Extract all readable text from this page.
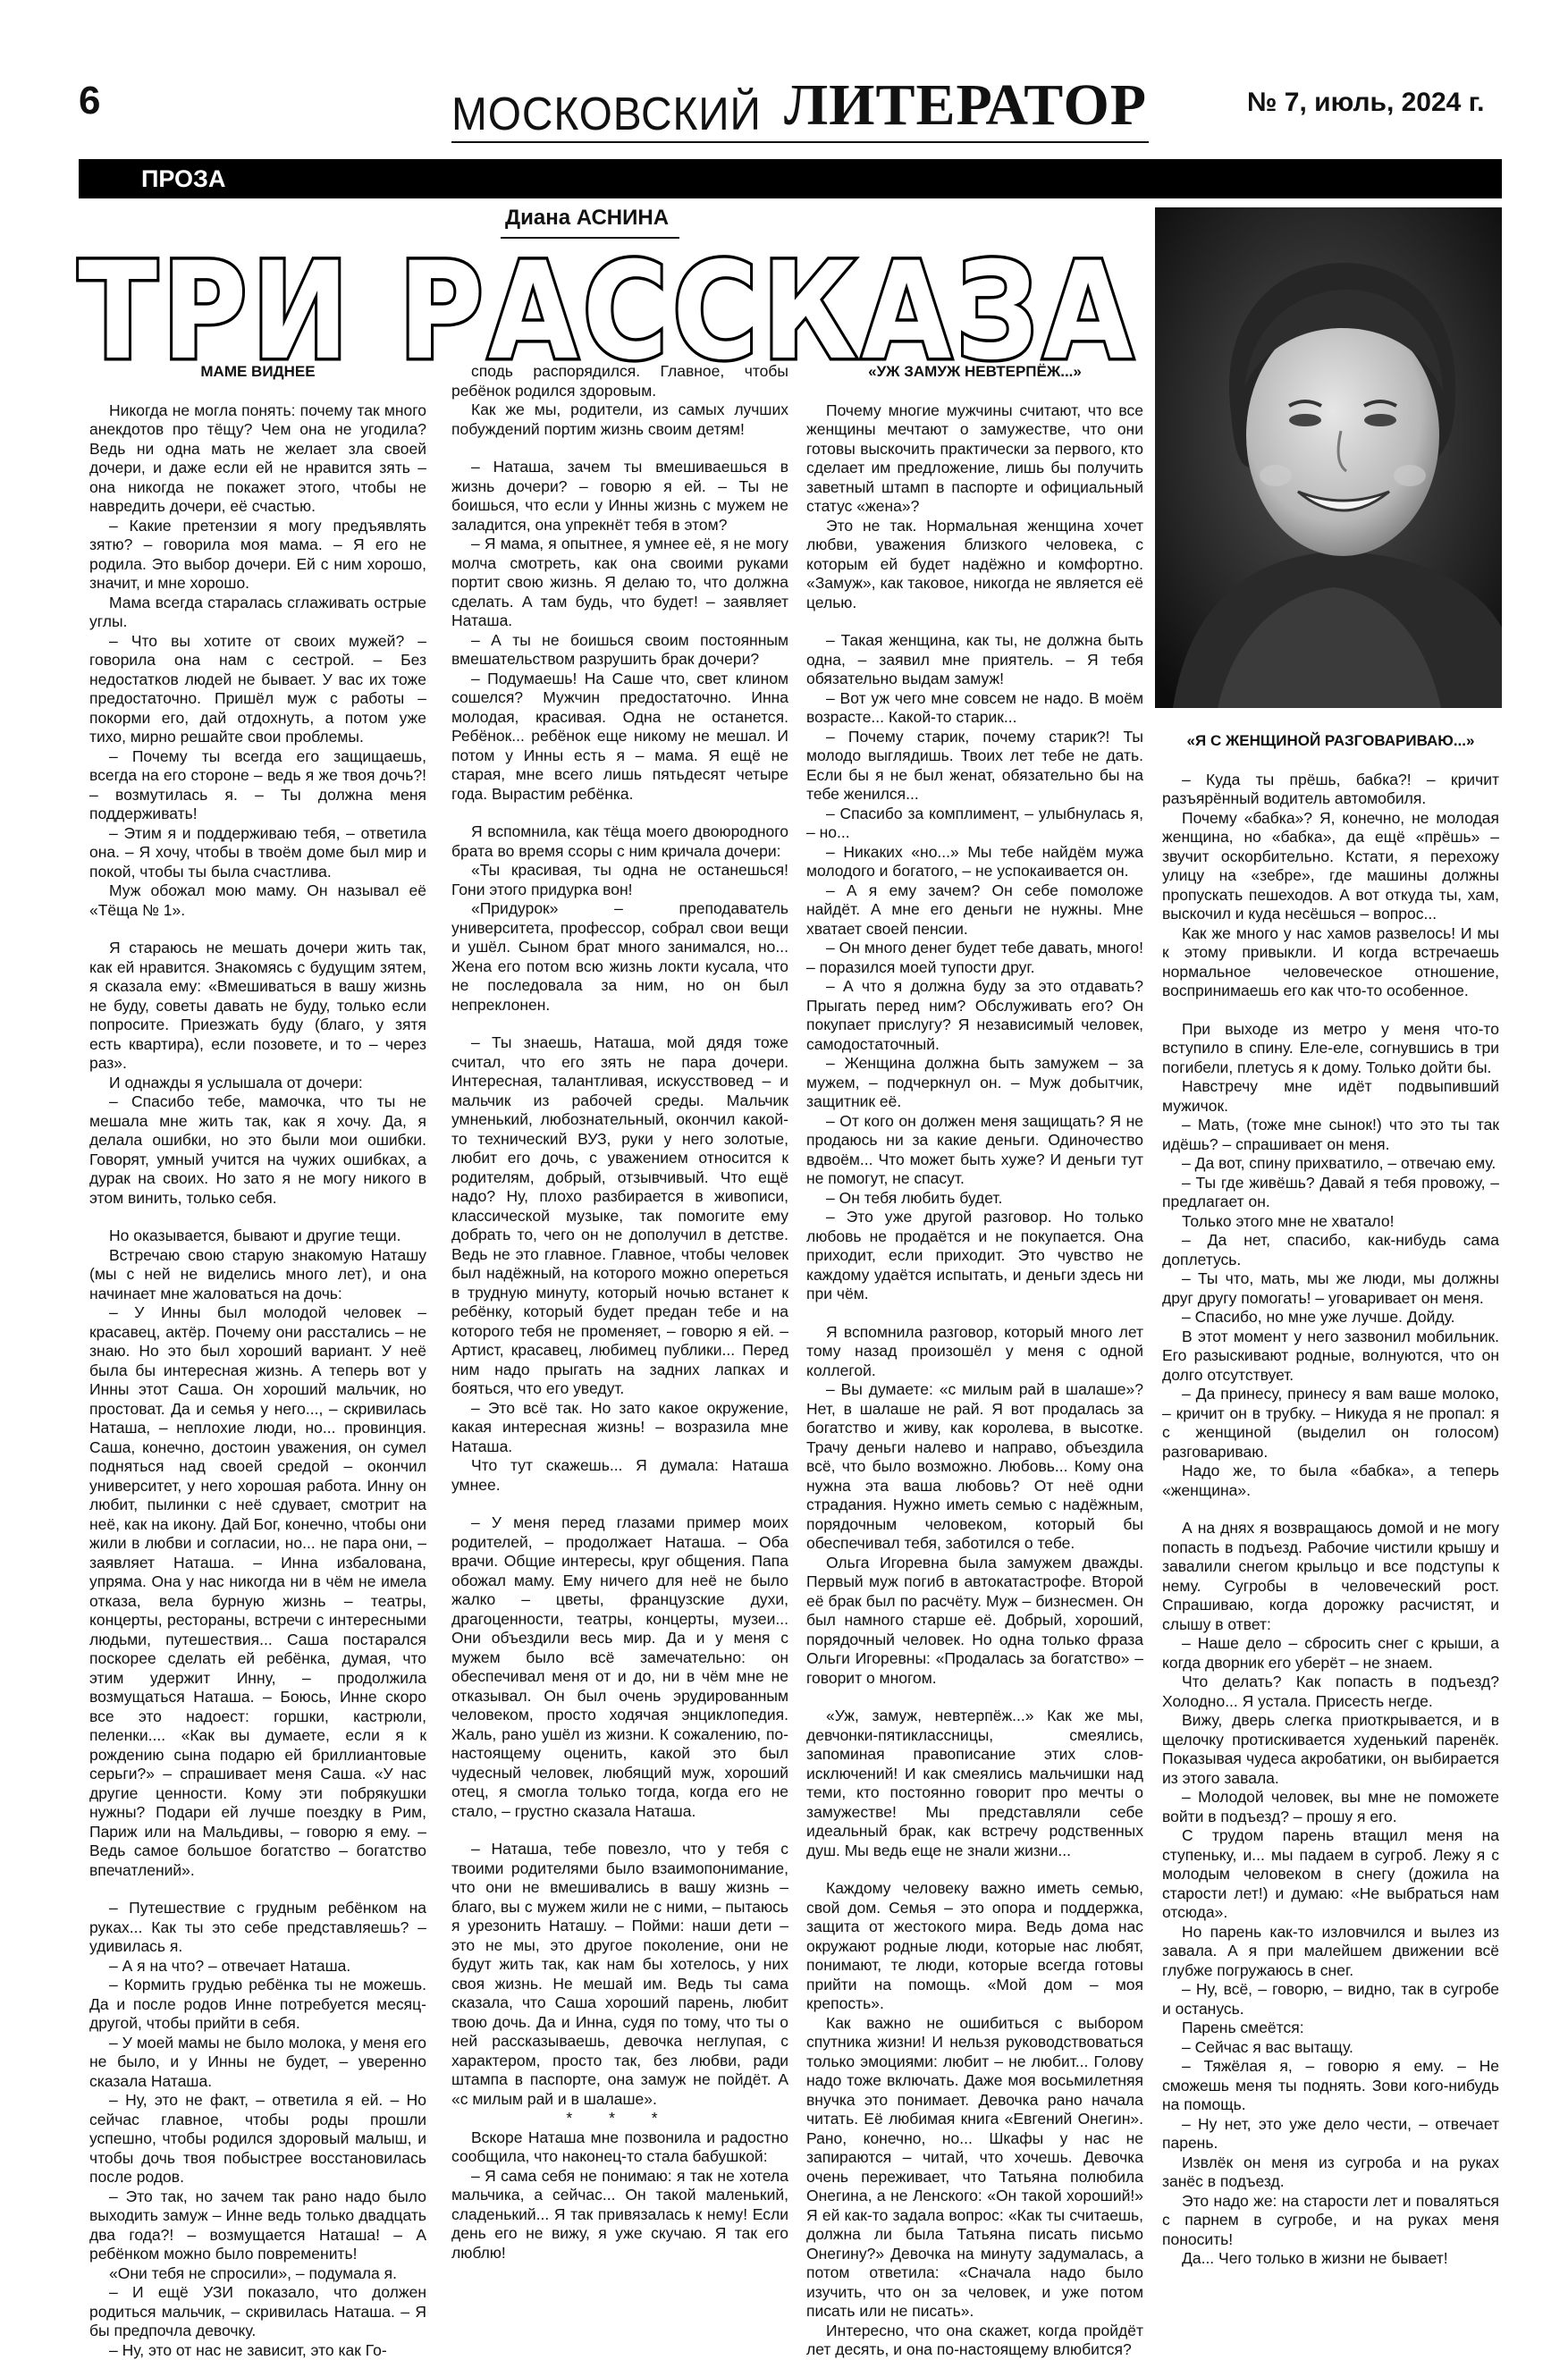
6	МОСКОВСКИЙ ЛИТЕРАТОР	№ 7, июль, 2024 г.
ПРОЗА
Диана АСНИНА
ТРИ РАССКАЗА

МАМЕ ВИДНЕЕ

Никогда не могла понять: почему так много анекдотов про тёщу? Чем она не угодила? Ведь ни одна мать не желает зла своей дочери, и даже если ей не нравится зять – она никогда не покажет этого, чтобы не навредить дочери, её счастью.

– Какие претензии я могу предъявлять зятю? – говорила моя мама. – Я его не родила. Это выбор дочери. Ей с ним хорошо, значит, и мне хорошо.

Мама всегда старалась сглаживать острые углы.

– Что вы хотите от своих мужей? – говорила она нам с сестрой. – Без недостатков людей не бывает. У вас их тоже предостаточно. Пришёл муж с работы – покорми его, дай отдохнуть, а потом уже тихо, мирно решайте свои проблемы.

– Почему ты всегда его защищаешь, всегда на его стороне – ведь я же твоя дочь?! – возмутилась я. – Ты должна меня поддерживать!

– Этим я и поддерживаю тебя, – ответила она. – Я хочу, чтобы в твоём доме был мир и покой, чтобы ты была счастлива.

Муж обожал мою маму. Он называл её «Тёща № 1».

Я стараюсь не мешать дочери жить так, как ей нравится. Знакомясь с будущим зятем, я сказала ему: «Вмешиваться в вашу жизнь не буду, советы давать не буду, только если попросите. Приезжать буду (благо, у зятя есть квартира), если позовете, и то – через раз».

И однажды я услышала от дочери:

– Спасибо тебе, мамочка, что ты не мешала мне жить так, как я хочу. Да, я делала ошибки, но это были мои ошибки. Говорят, умный учится на чужих ошибках, а дурак на своих. Но зато я не могу никого в этом винить, только себя.

Но оказывается, бывают и другие тещи.

Встречаю свою старую знакомую Наташу (мы с ней не виделись много лет), и она начинает мне жаловаться на дочь:

– У Инны был молодой человек – красавец, актёр. Почему они расстались – не знаю. Но это был хороший вариант. У неё была бы интересная жизнь. А теперь вот у Инны этот Саша. Он хороший мальчик, но простоват. Да и семья у него..., – скривилась Наташа, – неплохие люди, но... провинция. Саша, конечно, достоин уважения, он сумел подняться над своей средой – окончил университет, у него хорошая работа. Инну он любит, пылинки с неё сдувает, смотрит на неё, как на икону. Дай Бог, конечно, чтобы они жили в любви и согласии, но... не пара они, – заявляет Наташа. – Инна избалована, упряма. Она у нас никогда ни в чём не имела отказа, вела бурную жизнь – театры, концерты, рестораны, встречи с интересными людьми, путешествия... Саша постарался поскорее сделать ей ребёнка, думая, что этим удержит Инну, – продолжила возмущаться Наташа. – Боюсь, Инне скоро все это надоест: горшки, кастрюли, пеленки.... «Как вы думаете, если я к рождению сына подарю ей бриллиантовые серьги?» – спрашивает меня Саша. «У нас другие ценности. Кому эти побрякушки нужны? Подари ей лучше поездку в Рим, Париж или на Мальдивы, – говорю я ему. – Ведь самое большое богатство – богатство впечатлений».

– Путешествие с грудным ребёнком на руках... Как ты это себе представляешь? – удивилась я.

– А я на что? – отвечает Наташа.

– Кормить грудью ребёнка ты не можешь. Да и после родов Инне потребуется месяц-другой, чтобы прийти в себя.

– У моей мамы не было молока, у меня его не было, и у Инны не будет, – уверенно сказала Наташа.

– Ну, это не факт, – ответила я ей. – Но сейчас главное, чтобы роды прошли успешно, чтобы родился здоровый малыш, и чтобы дочь твоя побыстрее восстановилась после родов.

– Это так, но зачем так рано надо было выходить замуж – Инне ведь только двадцать два года?! – возмущается Наташа! – А ребёнком можно было повременить!

«Они тебя не спросили», – подумала я.

– И ещё УЗИ показало, что должен родиться мальчик, – скривилась Наташа. – Я бы предпочла девочку.

– Ну, это от нас не зависит, это как Го-

сподь распорядился. Главное, чтобы ребёнок родился здоровым.

Как же мы, родители, из самых лучших побуждений портим жизнь своим детям!

– Наташа, зачем ты вмешиваешься в жизнь дочери? – говорю я ей. – Ты не боишься, что если у Инны жизнь с мужем не заладится, она упрекнёт тебя в этом?

– Я мама, я опытнее, я умнее её, я не могу молча смотреть, как она своими руками портит свою жизнь. Я делаю то, что должна сделать. А там будь, что будет! – заявляет Наташа.

– А ты не боишься своим постоянным вмешательством разрушить брак дочери?

– Подумаешь! На Саше что, свет клином сошелся? Мужчин предостаточно. Инна молодая, красивая. Одна не останется. Ребёнок... ребёнок еще никому не мешал. И потом у Инны есть я – мама. Я ещё не старая, мне всего лишь пятьдесят четыре года. Вырастим ребёнка.

Я вспомнила, как тёща моего двоюродного брата во время ссоры с ним кричала дочери:

«Ты красивая, ты одна не останешься! Гони этого придурка вон!

«Придурок» – преподаватель университета, профессор, собрал свои вещи и ушёл. Сыном брат много занимался, но... Жена его потом всю жизнь локти кусала, что не последовала за ним, но он был непреклонен.

– Ты знаешь, Наташа, мой дядя тоже считал, что его зять не пара дочери. Интересная, талантливая, искусствовед – и мальчик из рабочей среды. Мальчик умненький, любознательный, окончил какой-то технический ВУЗ, руки у него золотые, любит его дочь, с уважением относится к родителям, добрый, отзывчивый. Что ещё надо? Ну, плохо разбирается в живописи, классической музыке, так помогите ему добрать то, чего он не дополучил в детстве. Ведь не это главное. Главное, чтобы человек был надёжный, на которого можно опереться в трудную минуту, который ночью встанет к ребёнку, который будет предан тебе и на которого тебя не променяет, – говорю я ей. – Артист, красавец, любимец публики... Перед ним надо прыгать на задних лапках и бояться, что его уведут.

– Это всё так. Но зато какое окружение, какая интересная жизнь! – возразила мне Наташа.

Что тут скажешь... Я думала: Наташа умнее.

– У меня перед глазами пример моих родителей, – продолжает Наташа. – Оба врачи. Общие интересы, круг общения. Папа обожал маму. Ему ничего для неё не было жалко – цветы, французские духи, драгоценности, театры, концерты, музеи... Они объездили весь мир. Да и у меня с мужем было всё замечательно: он обеспечивал меня от и до, ни в чём мне не отказывал. Он был очень эрудированным человеком, просто ходячая энциклопедия. Жаль, рано ушёл из жизни. К сожалению, по-настоящему оценить, какой это был чудесный человек, любящий муж, хороший отец, я смогла только тогда, когда его не стало, – грустно сказала Наташа.

– Наташа, тебе повезло, что у тебя с твоими родителями было взаимопонимание, что они не вмешивались в вашу жизнь – благо, вы с мужем жили не с ними, – пытаюсь я урезонить Наташу. – Пойми: наши дети – это не мы, это другое поколение, они не будут жить так, как нам бы хотелось, у них своя жизнь. Не мешай им. Ведь ты сама сказала, что Саша хороший парень, любит твою дочь. Да и Инна, судя по тому, что ты о ней рассказываешь, девочка неглупая, с характером, просто так, без любви, ради штампа в паспорте, она замуж не пойдёт. А «с милым рай и в шалаше».

* * *

Вскоре Наташа мне позвонила и радостно сообщила, что наконец-то стала бабушкой:

– Я сама себя не понимаю: я так не хотела мальчика, а сейчас... Он такой маленький, сладенький... Я так привязалась к нему! Если день его не вижу, я уже скучаю. Я так его люблю!

«УЖ ЗАМУЖ НЕВТЕРПЁЖ...»

Почему многие мужчины считают, что все женщины мечтают о замужестве, что они готовы выскочить практически за первого, кто сделает им предложение, лишь бы получить заветный штамп в паспорте и официальный статус «жена»?

Это не так. Нормальная женщина хочет любви, уважения близкого человека, с которым ей будет надёжно и комфортно. «Замуж», как таковое, никогда не является её целью.

– Такая женщина, как ты, не должна быть одна, – заявил мне приятель. – Я тебя обязательно выдам замуж!

– Вот уж чего мне совсем не надо. В моём возрасте... Какой-то старик...

– Почему старик, почему старик?! Ты молодо выглядишь. Твоих лет тебе не дать. Если бы я не был женат, обязательно бы на тебе женился...

– Спасибо за комплимент, – улыбнулась я, – но...

– Никаких «но...» Мы тебе найдём мужа молодого и богатого, – не успокаивается он.

– А я ему зачем? Он себе помоложе найдёт. А мне его деньги не нужны. Мне хватает своей пенсии.

– Он много денег будет тебе давать, много! – поразился моей тупости друг.

– А что я должна буду за это отдавать? Прыгать перед ним? Обслуживать его? Он покупает прислугу? Я независимый человек, самодостаточный.

– Женщина должна быть замужем – за мужем, – подчеркнул он. – Муж добытчик, защитник её.

– От кого он должен меня защищать? Я не продаюсь ни за какие деньги. Одиночество вдвоём... Что может быть хуже? И деньги тут не помогут, не спасут.

– Он тебя любить будет.

– Это уже другой разговор. Но только любовь не продаётся и не покупается. Она приходит, если приходит. Это чувство не каждому удаётся испытать, и деньги здесь ни при чём.

Я вспомнила разговор, который много лет тому назад произошёл у меня с одной коллегой.

– Вы думаете: «с милым рай в шалаше»? Нет, в шалаше не рай. Я вот продалась за богатство и живу, как королева, в высотке. Трачу деньги налево и направо, объездила всё, что было возможно. Любовь... Кому она нужна эта ваша любовь? От неё одни страдания. Нужно иметь семью с надёжным, порядочным человеком, который бы обеспечивал тебя, заботился о тебе.

Ольга Игоревна была замужем дважды. Первый муж погиб в автокатастрофе. Второй её брак был по расчёту. Муж – бизнесмен. Он был намного старше её. Добрый, хороший, порядочный человек. Но одна только фраза Ольги Игоревны: «Продалась за богатство» – говорит о многом.

«Уж, замуж, невтерпёж...» Как же мы, девчонки-пятиклассницы, смеялись, запоминая правописание этих слов-исключений! И как смеялись мальчишки над теми, кто постоянно говорит про мечты о замужестве! Мы представляли себе идеальный брак, как встречу родственных душ. Мы ведь еще не знали жизни...

Каждому человеку важно иметь семью, свой дом. Семья – это опора и поддержка, защита от жестокого мира. Ведь дома нас окружают родные люди, которые нас любят, понимают, те люди, которые всегда готовы прийти на помощь. «Мой дом – моя крепость».

Как важно не ошибиться с выбором спутника жизни! И нельзя руководствоваться только эмоциями: любит – не любит... Голову надо тоже включать. Даже моя восьмилетняя внучка это понимает. Девочка рано начала читать. Её любимая книга «Евгений Онегин». Рано, конечно, но... Шкафы у нас не запираются – читай, что хочешь. Девочка очень переживает, что Татьяна полюбила Онегина, а не Ленского: «Он такой хороший!» Я ей как-то задала вопрос: «Как ты считаешь, должна ли была Татьяна писать письмо Онегину?» Девочка на минуту задумалась, а потом ответила: «Сначала надо было изучить, что он за человек, и уже потом писать или не писать».

Интересно, что она скажет, когда пройдёт лет десять, и она по-настоящему влюбится?

«Я С ЖЕНЩИНОЙ РАЗГОВАРИВАЮ...»

– Куда ты прёшь, бабка?! – кричит разъярённый водитель автомобиля.

Почему «бабка»? Я, конечно, не молодая женщина, но «бабка», да ещё «прёшь» – звучит оскорбительно. Кстати, я перехожу улицу на «зебре», где машины должны пропускать пешеходов. А вот откуда ты, хам, выскочил и куда несёшься – вопрос...

Как же много у нас хамов развелось! И мы к этому привыкли. И когда встречаешь нормальное человеческое отношение, воспринимаешь его как что-то особенное.

При выходе из метро у меня что-то вступило в спину. Еле-еле, согнувшись в три погибели, плетусь я к дому. Только дойти бы.

Навстречу мне идёт подвыпивший мужичок.

– Мать, (тоже мне сынок!) что это ты так идёшь? – спрашивает он меня.

– Да вот, спину прихватило, – отвечаю ему.

– Ты где живёшь? Давай я тебя провожу, – предлагает он.

Только этого мне не хватало!

– Да нет, спасибо, как-нибудь сама доплетусь.

– Ты что, мать, мы же люди, мы должны друг другу помогать! – уговаривает он меня.

– Спасибо, но мне уже лучше. Дойду.

В этот момент у него зазвонил мобильник. Его разыскивают родные, волнуются, что он долго отсутствует.

– Да принесу, принесу я вам ваше молоко, – кричит он в трубку. – Никуда я не пропал: я с женщиной (выделил он голосом) разговариваю.

Надо же, то была «бабка», а теперь «женщина».

А на днях я возвращаюсь домой и не могу попасть в подъезд. Рабочие чистили крышу и завалили снегом крыльцо и все подступы к нему. Сугробы в человеческий рост. Спрашиваю, когда дорожку расчистят, и слышу в ответ:

– Наше дело – сбросить снег с крыши, а когда дворник его уберёт – не знаем.

Что делать? Как попасть в подъезд? Холодно... Я устала. Присесть негде.

Вижу, дверь слегка приоткрывается, и в щелочку протискивается худенький паренёк. Показывая чудеса акробатики, он выбирается из этого завала.

– Молодой человек, вы мне не поможете войти в подъезд? – прошу я его.

С трудом парень втащил меня на ступеньку, и... мы падаем в сугроб. Лежу я с молодым человеком в снегу (дожила на старости лет!) и думаю: «Не выбраться нам отсюда».

Но парень как-то изловчился и вылез из завала. А я при малейшем движении всё глубже погружаюсь в снег.

– Ну, всё, – говорю, – видно, так в сугробе и останусь.

Парень смеётся:

– Сейчас я вас вытащу.

– Тяжёлая я, – говорю я ему. – Не сможешь меня ты поднять. Зови кого-нибудь на помощь.

– Ну нет, это уже дело чести, – отвечает парень.

Извлёк он меня из сугроба и на руках занёс в подъезд.

Это надо же: на старости лет и поваляться с парнем в сугробе, и на руках меня поносить!

Да... Чего только в жизни не бывает!
